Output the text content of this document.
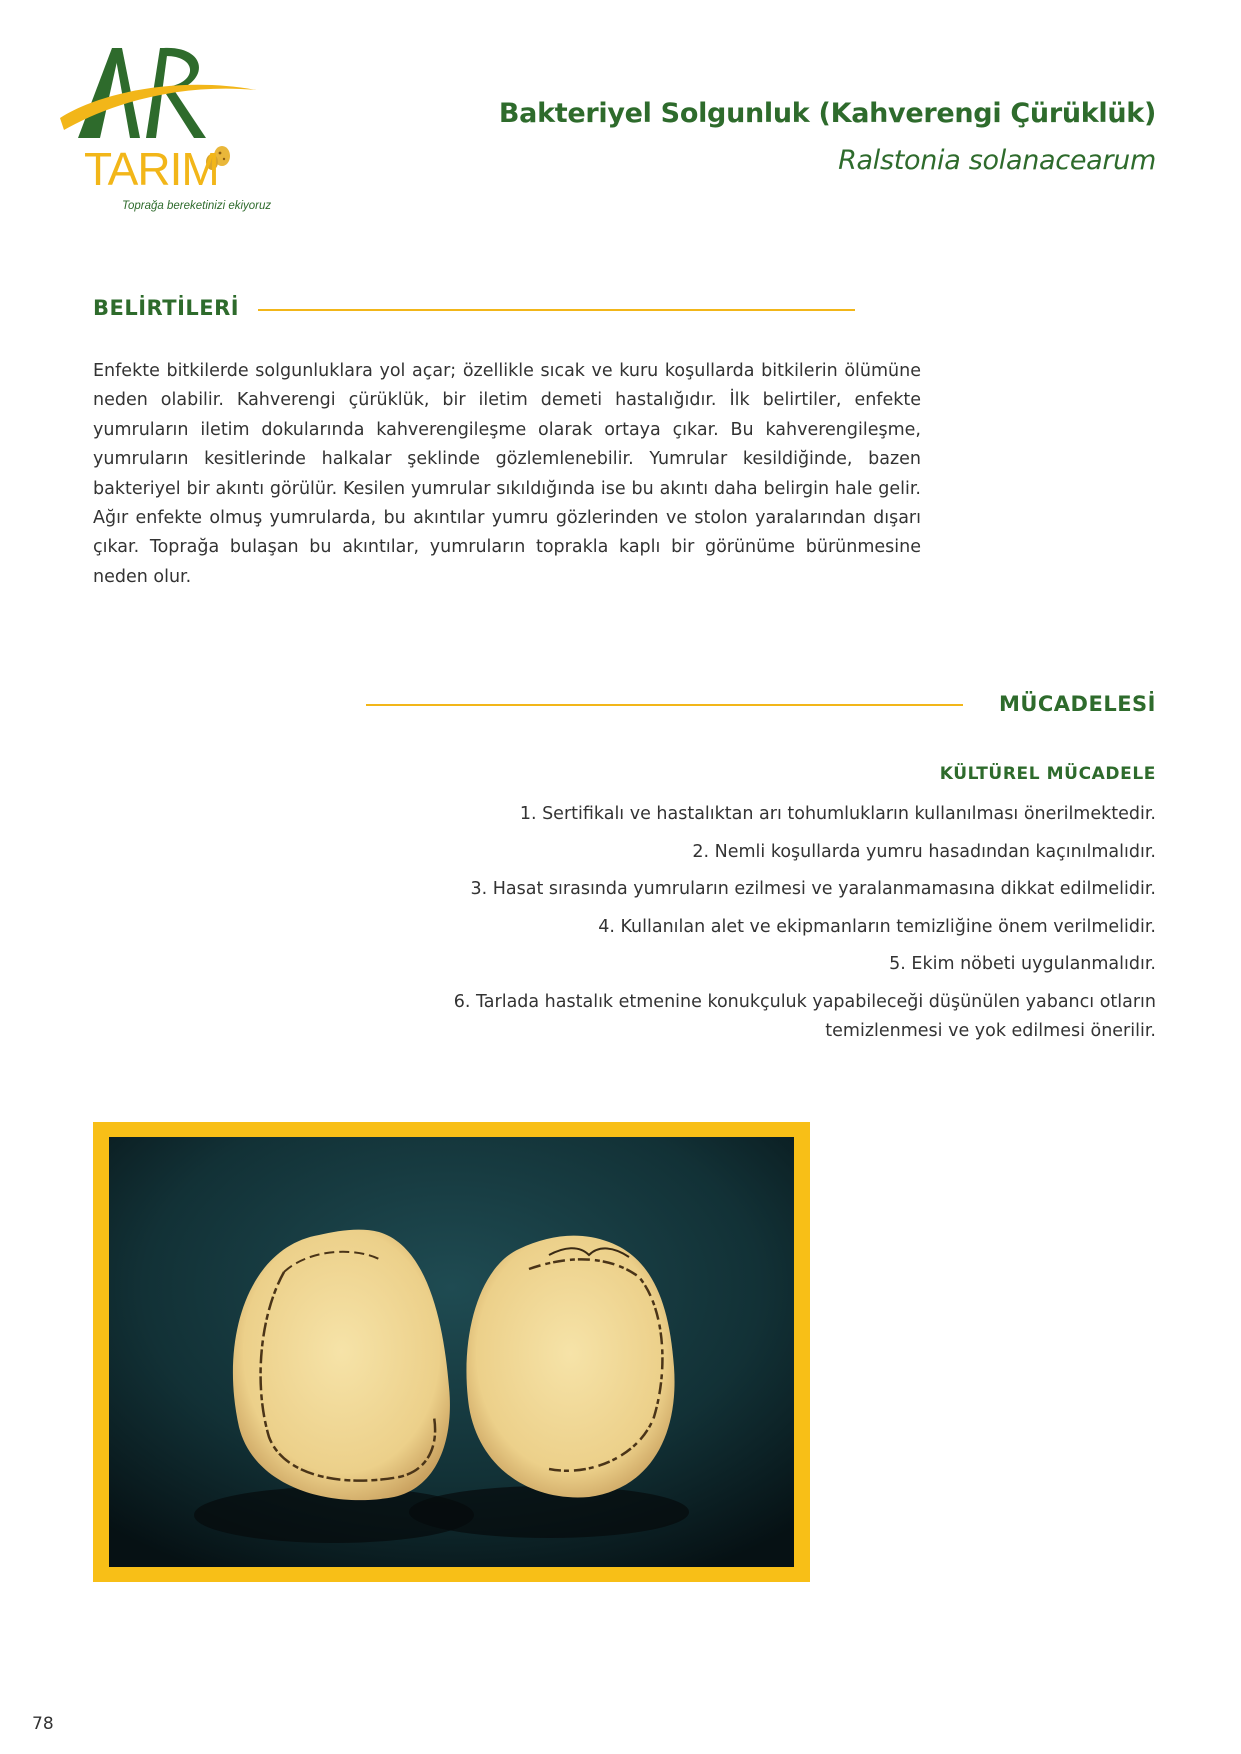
TARIM
Toprağa bereketinizi ekiyoruz
Bakteriyel Solgunluk (Kahverengi Çürüklük)
Ralstonia solanacearum
BELİRTİLERİ
Enfekte bitkilerde solgunluklara yol açar; özellikle sıcak ve kuru koşullarda bitkilerin ölümüne neden olabilir. Kahverengi çürüklük, bir iletim demeti hastalığıdır. İlk belirtiler, enfekte yumruların iletim dokularında kahverengileşme olarak ortaya çıkar. Bu kahverengileşme, yumruların kesitlerinde halkalar şeklinde gözlemlenebilir. Yumrular kesildiğinde, bazen bakteriyel bir akıntı görülür. Kesilen yumrular sıkıldığında ise bu akıntı daha belirgin hale gelir. Ağır enfekte olmuş yumrularda, bu akıntılar yumru gözlerinden ve stolon yaralarından dışarı çıkar. Toprağa bulaşan bu akıntılar, yumruların toprakla kaplı bir görünüme bürünmesine neden olur.
MÜCADELESİ
KÜLTÜREL MÜCADELE
1. Sertifikalı ve hastalıktan arı tohumlukların kullanılması önerilmektedir.
2. Nemli koşullarda yumru hasadından kaçınılmalıdır.
3. Hasat sırasında yumruların ezilmesi ve yaralanmamasına dikkat edilmelidir.
4. Kullanılan alet ve ekipmanların temizliğine önem verilmelidir.
5. Ekim nöbeti uygulanmalıdır.
6. Tarlada hastalık etmenine konukçuluk yapabileceği düşünülen yabancı otların temizlenmesi ve yok edilmesi önerilir.
78
